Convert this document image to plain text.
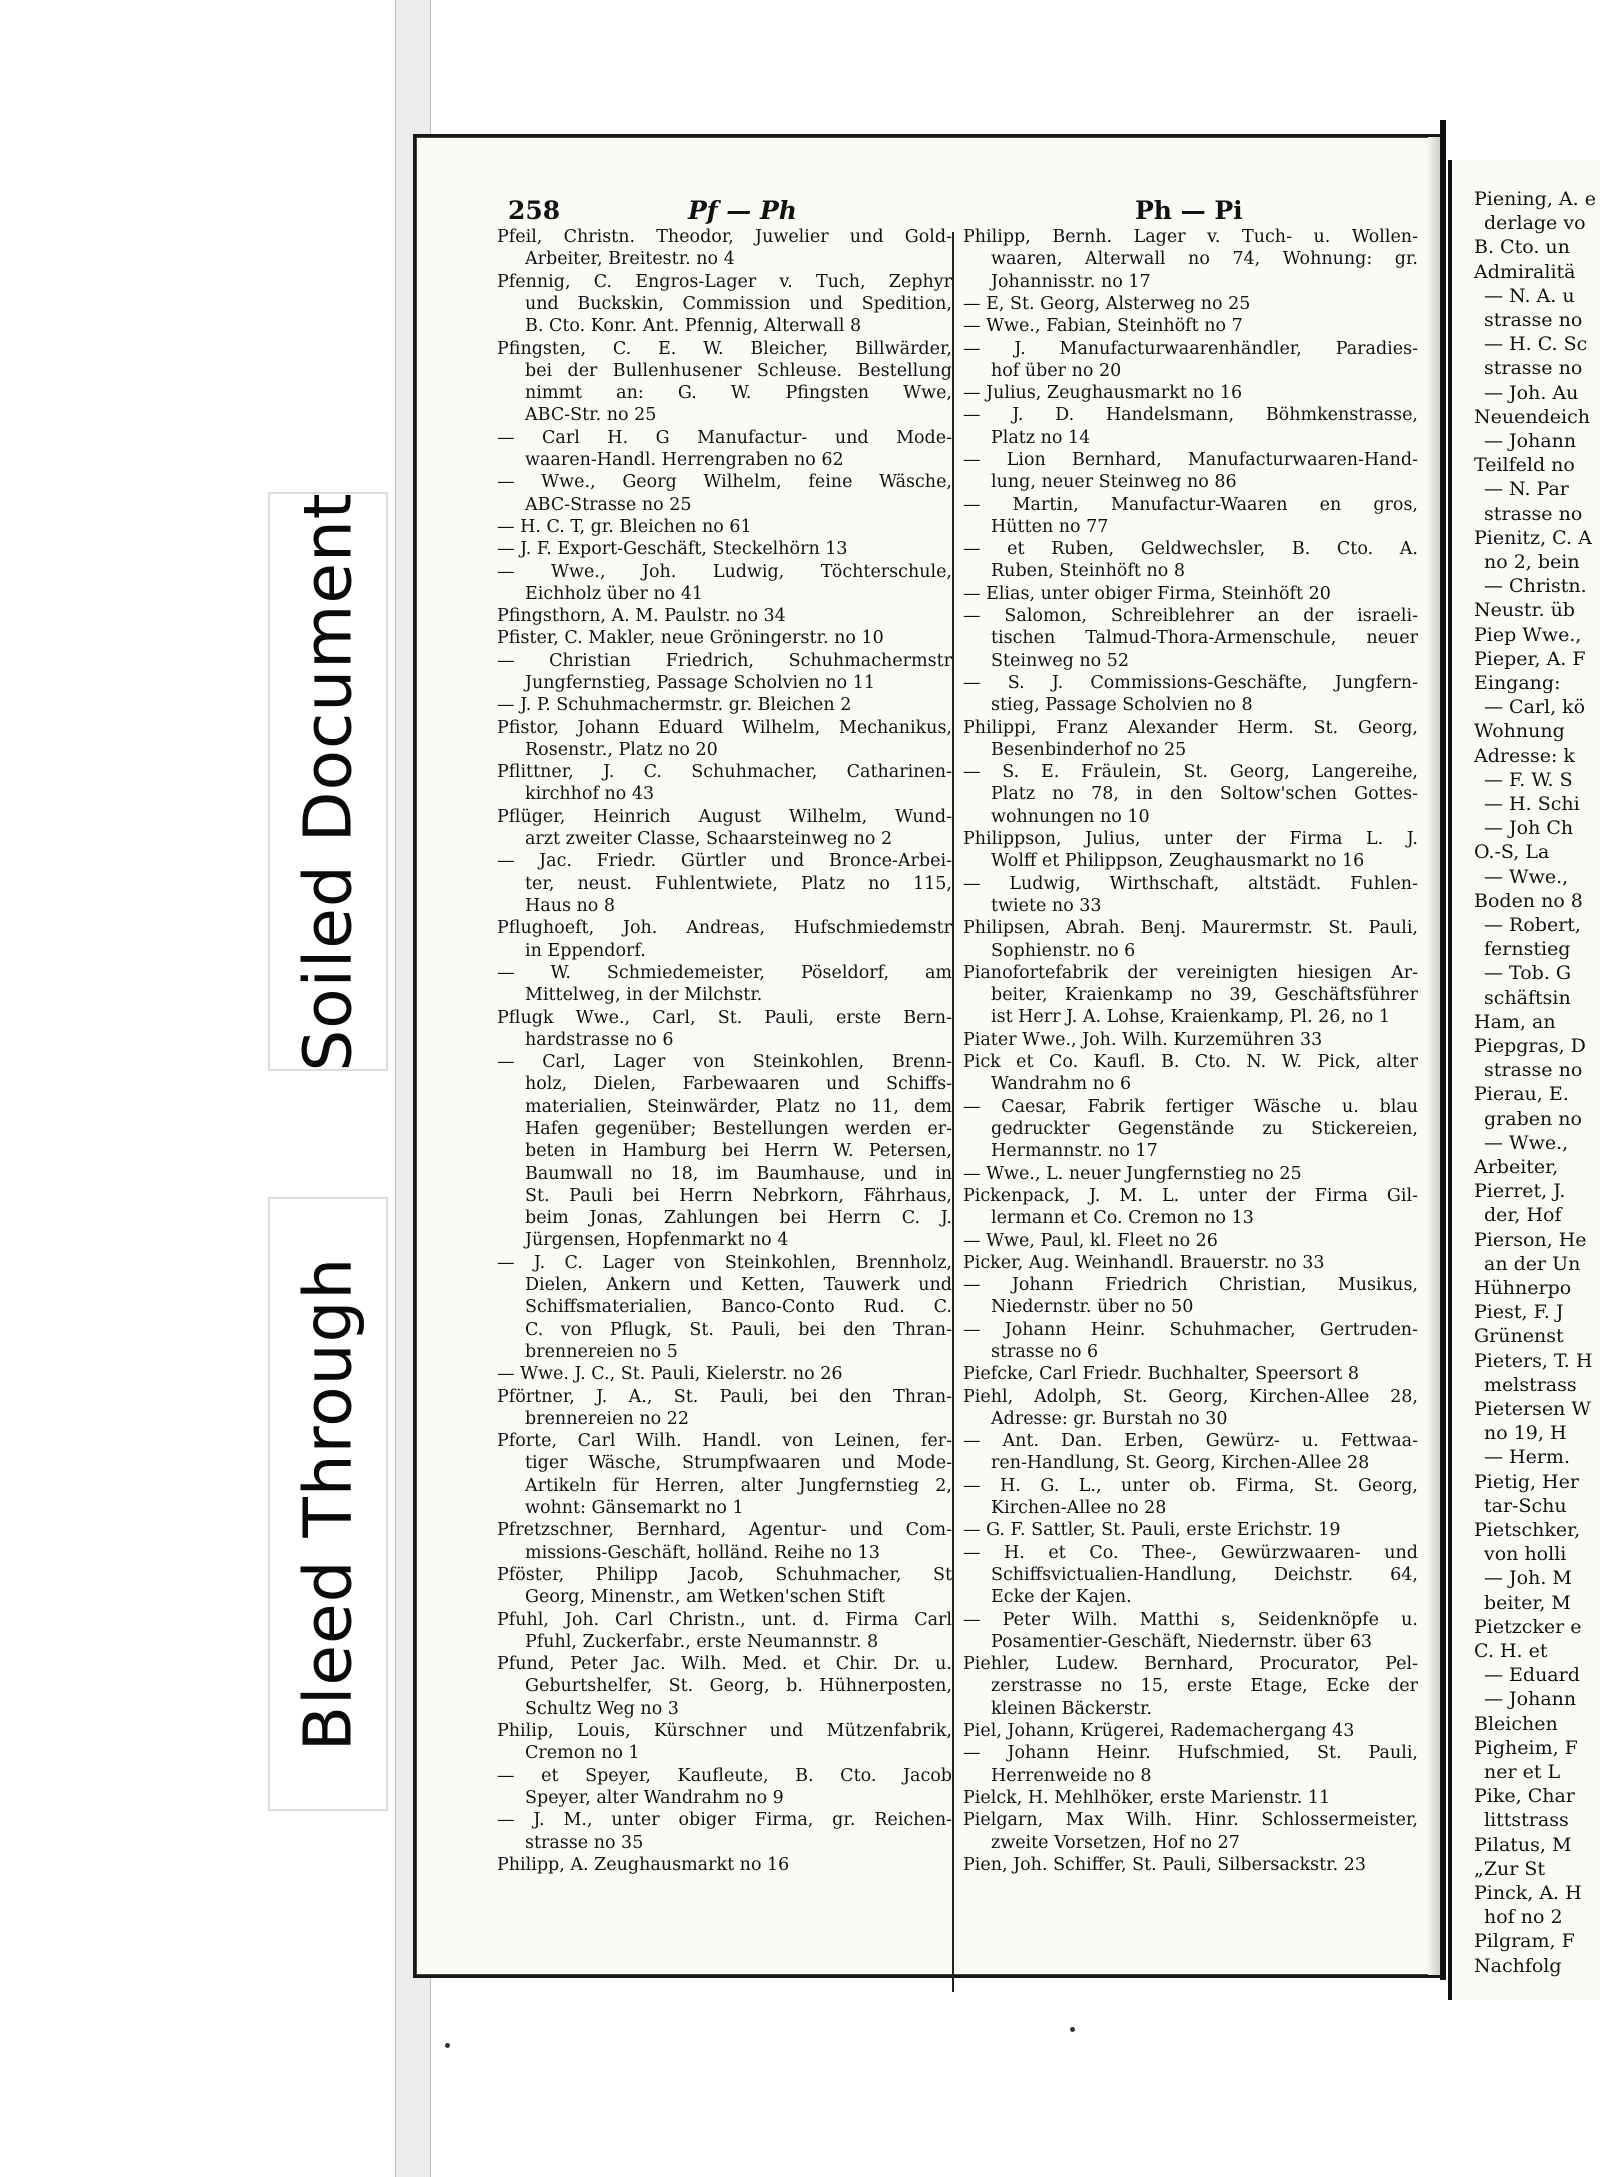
Soiled Document
Bleed Through
Piening, A. e
derlage vo
B. Cto. un
Admiralitä
— N. A. u
strasse no
— H. C. Sc
strasse no
— Joh. Au
Neuendeich
— Johann
Teilfeld no
— N. Par
strasse no
Pienitz, C. A
no 2, bein
— Christn.
Neustr. üb
Piep Wwe.,
Pieper, A. F
Eingang:
— Carl, kö
Wohnung
Adresse: k
— F. W. S
— H. Schi
— Joh Ch
O.-S, La
— Wwe.,
Boden no 8
— Robert,
fernstieg
— Tob. G
schäftsin
Ham, an
Piepgras, D
strasse no
Pierau, E.
graben no
— Wwe.,
Arbeiter,
Pierret, J.
der, Hof
Pierson, He
an der Un
Hühnerpo
Piest, F. J
Grünenst
Pieters, T. H
melstrass
Pietersen W
no 19, H
— Herm.
Pietig, Her
tar-Schu
Pietschker,
von holli
— Joh. M
beiter, M
Pietzcker e
C. H. et
— Eduard
— Johann
Bleichen
Pigheim, F
ner et L
Pike, Char
littstrass
Pilatus, M
„Zur St
Pinck, A. H
hof no 2
Pilgram, F
Nachfolg
258	Pf — Ph	Ph — Pi
Pfeil, Christn. Theodor, Juwelier und Gold-
Arbeiter, Breitestr. no 4
Pfennig, C. Engros-Lager v. Tuch, Zephyr
und Buckskin, Commission und Spedition,
B. Cto. Konr. Ant. Pfennig, Alterwall 8
Pfingsten, C. E. W. Bleicher, Billwärder,
bei der Bullenhusener Schleuse. Bestellung
nimmt an: G. W. Pfingsten Wwe,
ABC-Str. no 25
— Carl H. G Manufactur- und Mode-
waaren-Handl. Herrengraben no 62
— Wwe., Georg Wilhelm, feine Wäsche,
ABC-Strasse no 25
— H. C. T, gr. Bleichen no 61
— J. F. Export-Geschäft, Steckelhörn 13
— Wwe., Joh. Ludwig, Töchterschule,
Eichholz über no 41
Pfingsthorn, A. M. Paulstr. no 34
Pfister, C. Makler, neue Gröningerstr. no 10
— Christian Friedrich, Schuhmachermstr
Jungfernstieg, Passage Scholvien no 11
— J. P. Schuhmachermstr. gr. Bleichen 2
Pfistor, Johann Eduard Wilhelm, Mechanikus,
Rosenstr., Platz no 20
Pflittner, J. C. Schuhmacher, Catharinen-
kirchhof no 43
Pflüger, Heinrich August Wilhelm, Wund-
arzt zweiter Classe, Schaarsteinweg no 2
— Jac. Friedr. Gürtler und Bronce-Arbei-
ter, neust. Fuhlentwiete, Platz no 115,
Haus no 8
Pflughoeft, Joh. Andreas, Hufschmiedemstr
in Eppendorf.
— W. Schmiedemeister, Pöseldorf, am
Mittelweg, in der Milchstr.
Pflugk Wwe., Carl, St. Pauli, erste Bern-
hardstrasse no 6
— Carl, Lager von Steinkohlen, Brenn-
holz, Dielen, Farbewaaren und Schiffs-
materialien, Steinwärder, Platz no 11, dem
Hafen gegenüber; Bestellungen werden er-
beten in Hamburg bei Herrn W. Petersen,
Baumwall no 18, im Baumhause, und in
St. Pauli bei Herrn Nebrkorn, Fährhaus,
beim Jonas, Zahlungen bei Herrn C. J.
Jürgensen, Hopfenmarkt no 4
— J. C. Lager von Steinkohlen, Brennholz,
Dielen, Ankern und Ketten, Tauwerk und
Schiffsmaterialien, Banco-Conto Rud. C.
C. von Pflugk, St. Pauli, bei den Thran-
brennereien no 5
— Wwe. J. C., St. Pauli, Kielerstr. no 26
Pförtner, J. A., St. Pauli, bei den Thran-
brennereien no 22
Pforte, Carl Wilh. Handl. von Leinen, fer-
tiger Wäsche, Strumpfwaaren und Mode-
Artikeln für Herren, alter Jungfernstieg 2,
wohnt: Gänsemarkt no 1
Pfretzschner, Bernhard, Agentur- und Com-
missions-Geschäft, holländ. Reihe no 13
Pföster, Philipp Jacob, Schuhmacher, St
Georg, Minenstr., am Wetken'schen Stift
Pfuhl, Joh. Carl Christn., unt. d. Firma Carl
Pfuhl, Zuckerfabr., erste Neumannstr. 8
Pfund, Peter Jac. Wilh. Med. et Chir. Dr. u.
Geburtshelfer, St. Georg, b. Hühnerposten,
Schultz Weg no 3
Philip, Louis, Kürschner und Mützenfabrik,
Cremon no 1
— et Speyer, Kaufleute, B. Cto. Jacob
Speyer, alter Wandrahm no 9
— J. M., unter obiger Firma, gr. Reichen-
strasse no 35
Philipp, A. Zeughausmarkt no 16
Philipp, Bernh. Lager v. Tuch- u. Wollen-
waaren, Alterwall no 74, Wohnung: gr.
Johannisstr. no 17
— E, St. Georg, Alsterweg no 25
— Wwe., Fabian, Steinhöft no 7
— J. Manufacturwaarenhändler, Paradies-
hof über no 20
— Julius, Zeughausmarkt no 16
— J. D. Handelsmann, Böhmkenstrasse,
Platz no 14
— Lion Bernhard, Manufacturwaaren-Hand-
lung, neuer Steinweg no 86
— Martin, Manufactur-Waaren en gros,
Hütten no 77
— et Ruben, Geldwechsler, B. Cto. A.
Ruben, Steinhöft no 8
— Elias, unter obiger Firma, Steinhöft 20
— Salomon, Schreiblehrer an der israeli-
tischen Talmud-Thora-Armenschule, neuer
Steinweg no 52
— S. J. Commissions-Geschäfte, Jungfern-
stieg, Passage Scholvien no 8
Philippi, Franz Alexander Herm. St. Georg,
Besenbinderhof no 25
— S. E. Fräulein, St. Georg, Langereihe,
Platz no 78, in den Soltow'schen Gottes-
wohnungen no 10
Philippson, Julius, unter der Firma L. J.
Wolff et Philippson, Zeughausmarkt no 16
— Ludwig, Wirthschaft, altstädt. Fuhlen-
twiete no 33
Philipsen, Abrah. Benj. Maurermstr. St. Pauli,
Sophienstr. no 6
Pianofortefabrik der vereinigten hiesigen Ar-
beiter, Kraienkamp no 39, Geschäftsführer
ist Herr J. A. Lohse, Kraienkamp, Pl. 26, no 1
Piater Wwe., Joh. Wilh. Kurzemühren 33
Pick et Co. Kaufl. B. Cto. N. W. Pick, alter
Wandrahm no 6
— Caesar, Fabrik fertiger Wäsche u. blau
gedruckter Gegenstände zu Stickereien,
Hermannstr. no 17
— Wwe., L. neuer Jungfernstieg no 25
Pickenpack, J. M. L. unter der Firma Gil-
lermann et Co. Cremon no 13
— Wwe, Paul, kl. Fleet no 26
Picker, Aug. Weinhandl. Brauerstr. no 33
— Johann Friedrich Christian, Musikus,
Niedernstr. über no 50
— Johann Heinr. Schuhmacher, Gertruden-
strasse no 6
Piefcke, Carl Friedr. Buchhalter, Speersort 8
Piehl, Adolph, St. Georg, Kirchen-Allee 28,
Adresse: gr. Burstah no 30
— Ant. Dan. Erben, Gewürz- u. Fettwaa-
ren-Handlung, St. Georg, Kirchen-Allee 28
— H. G. L., unter ob. Firma, St. Georg,
Kirchen-Allee no 28
— G. F. Sattler, St. Pauli, erste Erichstr. 19
— H. et Co. Thee-, Gewürzwaaren- und
Schiffsvictualien-Handlung, Deichstr. 64,
Ecke der Kajen.
— Peter Wilh. Matthi s, Seidenknöpfe u.
Posamentier-Geschäft, Niedernstr. über 63
Piehler, Ludew. Bernhard, Procurator, Pel-
zerstrasse no 15, erste Etage, Ecke der
kleinen Bäckerstr.
Piel, Johann, Krügerei, Rademachergang 43
— Johann Heinr. Hufschmied, St. Pauli,
Herrenweide no 8
Pielck, H. Mehlhöker, erste Marienstr. 11
Pielgarn, Max Wilh. Hinr. Schlossermeister,
zweite Vorsetzen, Hof no 27
Pien, Joh. Schiffer, St. Pauli, Silbersackstr. 23
